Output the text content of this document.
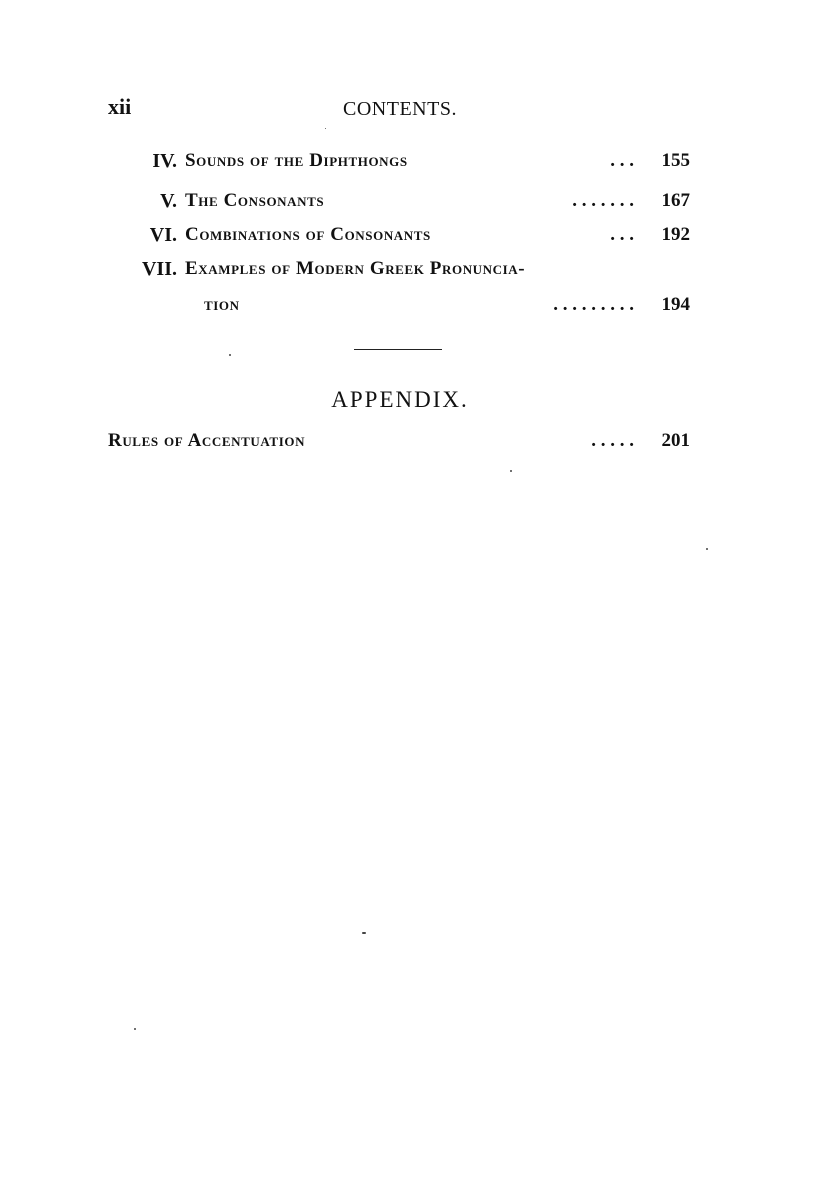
xii	CONTENTS.
IV. Sounds of the Diphthongs	. . . 155
V. The Consonants	. . . . . . . 167
VI. Combinations of Consonants	. . . 192
VII. Examples of Modern Greek Pronuncia-
tion	. . . . . . . . . 194
APPENDIX.
Rules of Accentuation	. . . . . 201
